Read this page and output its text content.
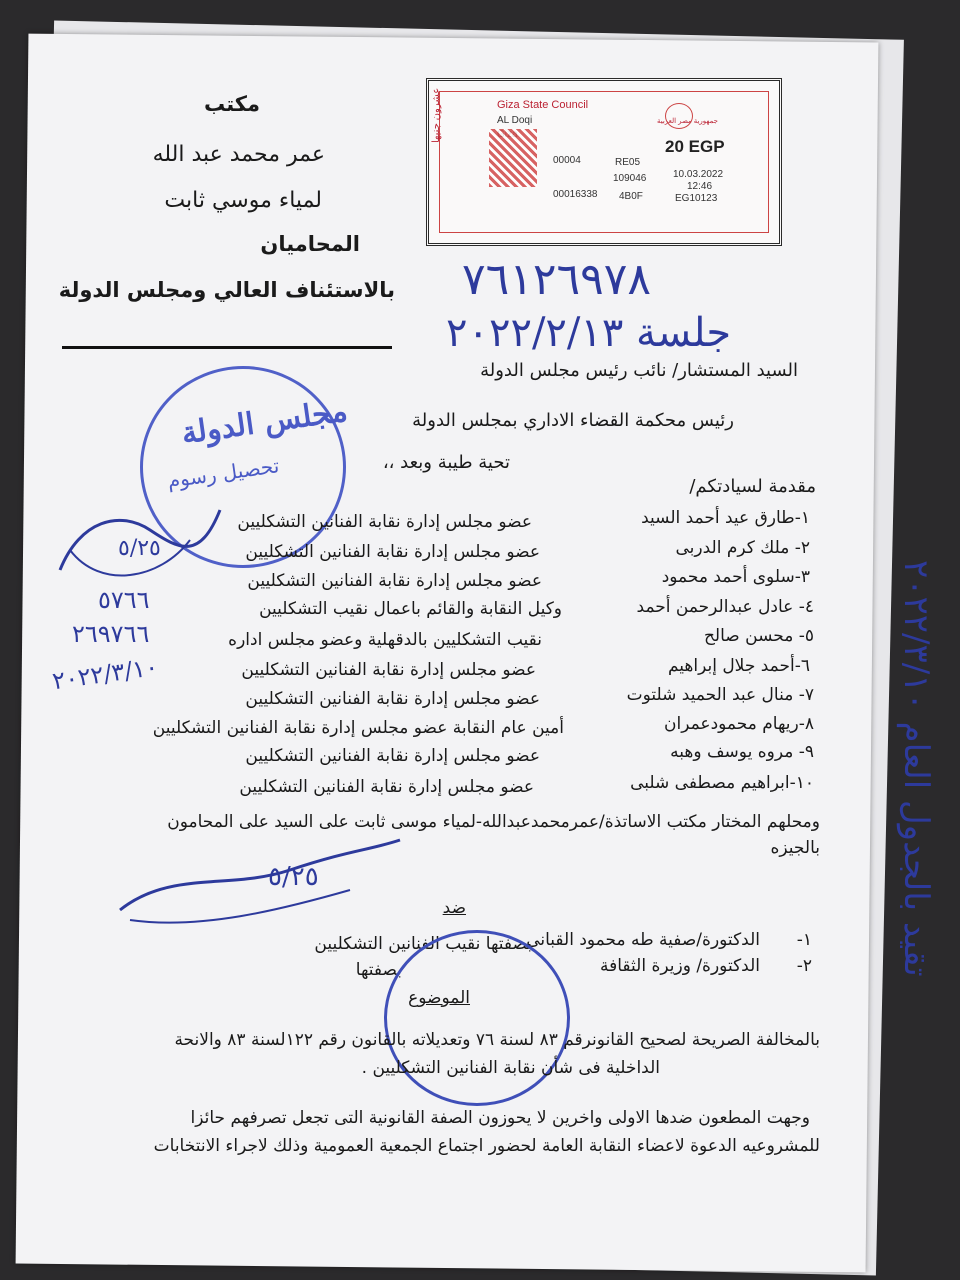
مكتب
عمر محمد عبد الله
لمياء موسي ثابت
المحاميان
بالاستئناف العالي ومجلس الدولة
Giza State Council
AL Doqi
00004	RE05
109046
00016338 4B0F
جمهورية مصر العربية
20 EGP
10.03.2022
12:46
EG10123
عشرون جنيها
٧٦١٢٦٩٧٨
جلسة ٢٠٢٢/٢/١٣
مجلس الدولة
تحصيل رسوم
السيد المستشار/ نائب رئيس مجلس الدولة
رئيس محكمة القضاء الاداري بمجلس الدولة
تحية طيبة وبعد ،،
مقدمة لسيادتكم/
١-طارق عيد أحمد السيد
عضو مجلس إدارة نقابة الفنانين التشكليين
٢- ملك كرم الدربى
عضو مجلس إدارة نقابة الفنانين التشكليين
٣-سلوى أحمد محمود
عضو مجلس إدارة نقابة الفنانين التشكليين
٤- عادل عبدالرحمن أحمد
وكيل النقابة والقائم باعمال نقيب التشكليين
٥- محسن صالح
نقيب التشكليين بالدقهلية وعضو مجلس اداره
٦-أحمد جلال إبراهيم
عضو مجلس إدارة نقابة الفنانين التشكليين
٧- منال عبد الحميد شلتوت
عضو مجلس إدارة نقابة الفنانين التشكليين
٨-ريهام محمودعمران
أمين عام النقابة عضو مجلس إدارة نقابة الفنانين التشكليين
٩- مروه يوسف وهبه
عضو مجلس إدارة نقابة الفنانين التشكليين
١٠-ابراهيم مصطفى شلبى
عضو مجلس إدارة نقابة الفنانين التشكليين
٥/٢٥
٥٧٦٦
٢٦٩٧٦٦
٢٠٢٢/٣/١٠
٥/٢٥
تقيد بالجدول العام ٢٠٢٢/٣/١٠
ومحلهم المختار مكتب الاساتذة/عمرمحمدعبدالله-لمياء موسى ثابت على السيد على المحامون
بالجيزه
ضد
١-
الدكتورة/صفية طه محمود القبانى
بصفتها نقيب الفنانين التشكليين
٢-
الدكتورة/ وزيرة الثقافة
بصفتها
الموضوع
بالمخالفة الصريحة لصحيح القانونرقم ٨٣ لسنة ٧٦ وتعديلاته بالقانون رقم ١٢٢لسنة ٨٣ والانحة
الداخلية فى شأن نقابة الفنانين التشكليين .
وجهت المطعون ضدها الاولى واخرين لا يحوزون الصفة القانونية التى تجعل تصرفهم حائزا
للمشروعيه الدعوة لاعضاء النقابة العامة لحضور اجتماع الجمعية العمومية وذلك لاجراء الانتخابات
